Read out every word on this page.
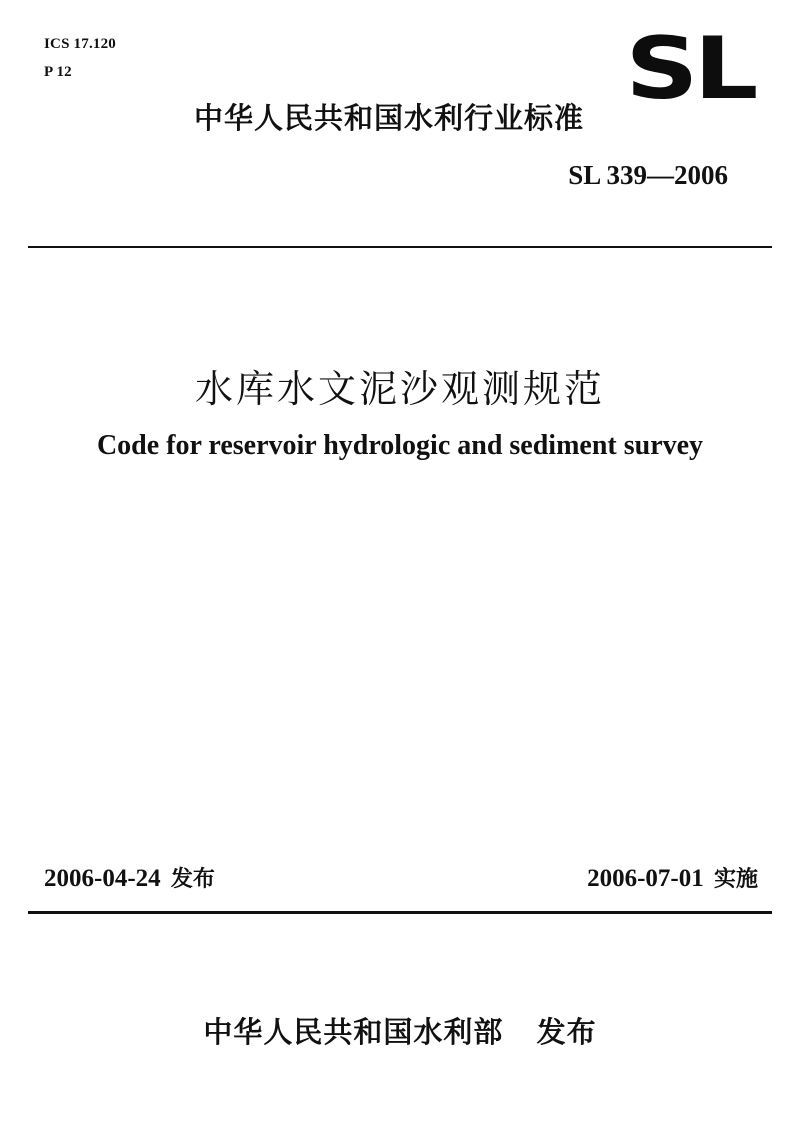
ICS 17.120
P 12	SL
中华人民共和国水利行业标准
SL 339—2006
水库水文泥沙观测规范
Code for reservoir hydrologic and sediment survey
2006-04-24 发布	2006-07-01 实施
中华人民共和国水利部 发布
